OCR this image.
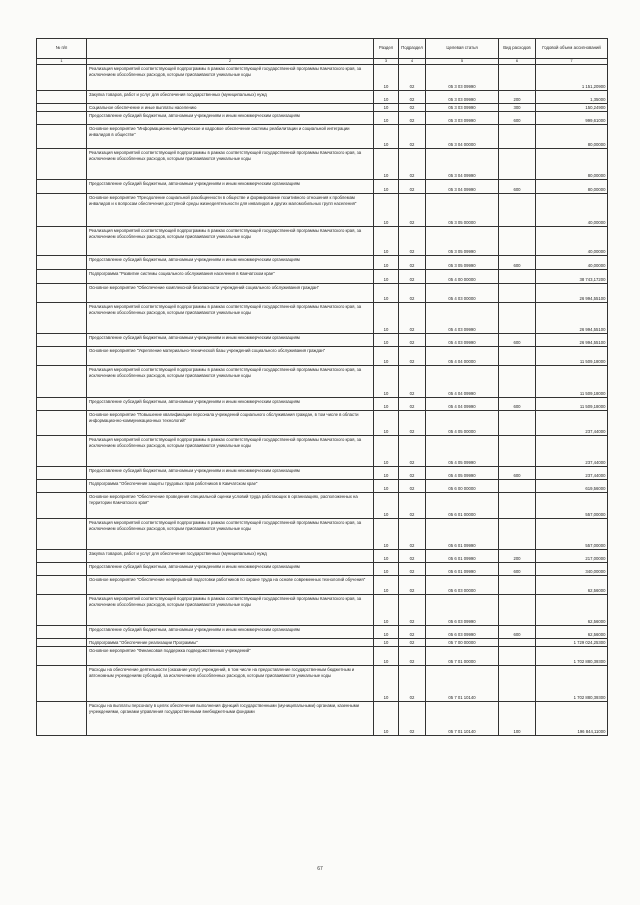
№ п/п		Раздел	Подраздел	Целевая статья	Вид расходов	Годовой объем ассигнований
1	2	3	4	5	6	7
	Реализация мероприятий соответствующей подпрограммы в рамках соответствующей государственной программы Камчатского края, за исключением обособленных расходов, которым присваиваются уникальные коды	10	02	05 3 03 09990		1 151,20900
	Закупка товаров, работ и услуг для обеспечения государственных (муниципальных) нужд	10	02	05 3 03 09990	200	1,35000
	Социальное обеспечение и иные выплаты населению	10	02	05 3 03 09990	300	150,24900
	Предоставление субсидий бюджетным, автономным учреждениям и иным некоммерческим организациям	10	02	05 3 03 09990	600	999,61000
	Основное мероприятие "Информационно-методическое и кадровое обеспечение системы реабилитации и социальной интеграции инвалидов в обществе"	10	02	05 3 04 00000		80,00000
	Реализация мероприятий соответствующей подпрограммы в рамках соответствующей государственной программы Камчатского края, за исключением обособленных расходов, которым присваиваются уникальные коды	10	02	05 3 04 09990		80,00000
	Предоставление субсидий бюджетным, автономным учреждениям и иным некоммерческим организациям	10	02	05 3 04 09990	600	80,00000
	Основное мероприятие "Преодоление социальной разобщенности в обществе и формирование позитивного отношения к проблемам инвалидов и к вопросам обеспечения доступной среды жизнедеятельности для инвалидов и других маломобильных групп населения"	10	02	05 3 05 00000		40,00000
	Реализация мероприятий соответствующей подпрограммы в рамках соответствующей государственной программы Камчатского края, за исключением обособленных расходов, которым присваиваются уникальные коды	10	02	05 3 05 09990		40,00000
	Предоставление субсидий бюджетным, автономным учреждениям и иным некоммерческим организациям	10	02	05 3 05 09990	600	40,00000
	Подпрограмма "Развитие системы социального обслуживания населения в Камчатском крае"	10	02	05 4 00 00000		38 743,17200
	Основное мероприятие "Обеспечение комплексной безопасности учреждений социального обслуживания граждан"	10	02	05 4 03 00000		26 994,55100
	Реализация мероприятий соответствующей подпрограммы в рамках соответствующей государственной программы Камчатского края, за исключением обособленных расходов, которым присваиваются уникальные коды	10	02	05 4 03 09990		26 994,55100
	Предоставление субсидий бюджетным, автономным учреждениям и иным некоммерческим организациям	10	02	05 4 03 09990	600	26 994,55100
	Основное мероприятие "Укрепление материально-технической базы учреждений социального обслуживания граждан"	10	02	05 4 04 00000		11 509,18000
	Реализация мероприятий соответствующей подпрограммы в рамках соответствующей государственной программы Камчатского края, за исключением обособленных расходов, которым присваиваются уникальные коды	10	02	05 4 04 09990		11 509,18000
	Предоставление субсидий бюджетным, автономным учреждениям и иным некоммерческим организациям	10	02	05 4 04 09990	600	11 509,18000
	Основное мероприятие "Повышение квалификации персонала учреждений социального обслуживания граждан, в том числе в области информационно-коммуникационных технологий"	10	02	05 4 05 00000		237,44000
	Реализация мероприятий соответствующей подпрограммы в рамках соответствующей государственной программы Камчатского края, за исключением обособленных расходов, которым присваиваются уникальные коды	10	02	05 4 05 09990		237,44000
	Предоставление субсидий бюджетным, автономным учреждениям и иным некоммерческим организациям	10	02	05 4 05 09990	600	237,44000
	Подпрограмма "Обеспечение защиты трудовых прав работников в Камчатском крае"	10	02	05 6 00 00000		619,56000
	Основное мероприятие "Обеспечение проведения специальной оценки условий труда работающих в организациях, расположенных на территории Камчатского края"	10	02	05 6 01 00000		557,00000
	Реализация мероприятий соответствующей подпрограммы в рамках соответствующей государственной программы Камчатского края, за исключением обособленных расходов, которым присваиваются уникальные коды	10	02	05 6 01 09990		557,00000
	Закупка товаров, работ и услуг для обеспечения государственных (муниципальных) нужд	10	02	05 6 01 09990	200	217,00000
	Предоставление субсидий бюджетным, автономным учреждениям и иным некоммерческим организациям	10	02	05 6 01 09990	600	340,00000
	Основное мероприятие "Обеспечение непрерывной подготовки работников по охране труда на основе современных технологий обучения"	10	02	05 6 03 00000		62,56000
	Реализация мероприятий соответствующей подпрограммы в рамках соответствующей государственной программы Камчатского края, за исключением обособленных расходов, которым присваиваются уникальные коды	10	02	05 6 03 09990		62,56000
	Предоставление субсидий бюджетным, автономным учреждениям и иным некоммерческим организациям	10	02	05 6 03 09990	600	62,56000
	Подпрограмма "Обеспечение реализации Программы"	10	02	05 7 00 00000		1 729 024,25300
	Основное мероприятие "Финансовая поддержка подведомственных учреждений"	10	02	05 7 01 00000		1 702 880,39300
	Расходы на обеспечение деятельности (оказание услуг) учреждений, в том числе на предоставление государственным бюджетным и автономным учреждениям субсидий, за исключением обособленных расходов, которым присваиваются уникальные коды	10	02	05 7 01 10140		1 702 880,39300
	Расходы на выплаты персоналу в целях обеспечения выполнения функций государственными (муниципальными) органами, казенными учреждениями, органами управления государственными внебюджетными фондами	10	02	05 7 01 10140	100	196 844,11000
67
